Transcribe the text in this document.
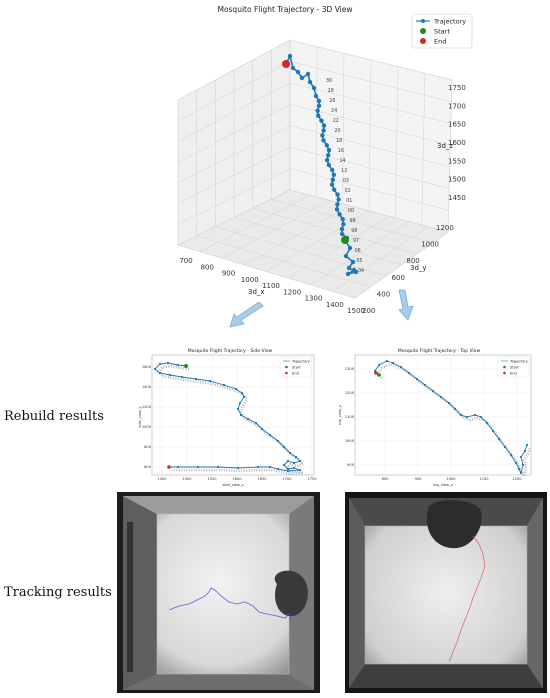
Mosquito Flight Trajectory - 3D View
700
800
900
1000
1100
1200
1300
1400
1500
200
400
600
800
1000
1200
1450
1500
1550
1600
1650
1700
1750
3d_x
3d_y
3d_z
04
05
06
97
98
99
00
01
02
03
12
14
16
18
20
22
24
26
28
30
Trajectory
Start
End
Rebuild results
Mosquito Flight Trajectory - Side View
1450	1500	1550	1600	1650	1700	1750
1600
1400
1200
1000
800
600
side_view_z
side_view_y
Trajectory
Start
End
Mosquito Flight Trajectory - Top View
800	900	1000	1100	1200
1300
1200
1100
1000
900
top_view_x
top_view_y
Trajectory
Start
End
Tracking results
